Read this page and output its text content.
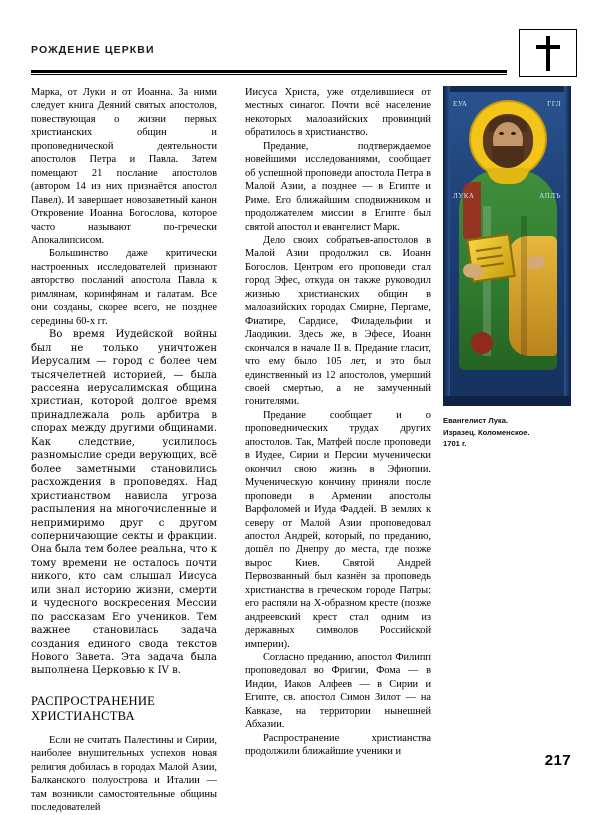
РОЖДЕНИЕ ЦЕРКВИ

Марка, от Луки и от Иоанна. За ними следует книга Деяний святых апостолов, повествующая о жизни первых христианских общин и проповеднической деятельности апостолов Петра и Павла. Затем помещают 21 послание апостолов (автором 14 из них признаётся апостол Павел). И завершает новозаветный канон Откровение Иоанна Богослова, которое часто называют по-гречески Апокалипсисом.

Большинство даже критически настроенных исследователей признают авторство посланий апостола Павла к римлянам, коринфянам и галатам. Все они созданы, скорее всего, не позднее середины 60-х гг.

Во время Иудейской войны был не только уничтожен Иерусалим — город с более чем тысячелетней историей, — была рассеяна иерусалимская община христиан, которой долгое время принадлежала роль арбитра в спорах между другими общинами. Как следствие, усилилось разномыслие среди верующих, всё более заметными становились расхождения в проповедях. Над христианством нависла угроза распыления на многочисленные и непримиримо друг с другом соперничающие секты и фракции. Она была тем более реальна, что к тому времени не осталось почти никого, кто сам слышал Иисуса или знал историю жизни, смерти и чудесного воскресения Мессии по рассказам Его учеников. Тем важнее становилась задача создания единого свода текстов Нового Завета. Эта задача была выполнена Церковью к IV в.

РАСПРОСТРАНЕНИЕ ХРИСТИАНСТВА

Если не считать Палестины и Сирии, наиболее внушительных успехов новая религия добилась в городах Малой Азии, Балканского полуострова и Италии — там возникли самостоятельные общины последователей

Иисуса Христа, уже отделившиеся от местных синагог. Почти всё население некоторых малоазийских провинций обратилось в христианство.

Предание, подтверждаемое новейшими исследованиями, сообщает об успешной проповеди апостола Петра в Малой Азии, а позднее — в Египте и Риме. Его ближайшим сподвижником и продолжателем миссии в Египте был святой апостол и евангелист Марк.

Дело своих собратьев-апостолов в Малой Азии продолжил св. Иоанн Богослов. Центром его проповеди стал город Эфес, откуда он также руководил жизнью христианских общин в малоазийских городах Смирне, Пергаме, Фиатире, Сардисе, Филадельфии и Лаодикии. Здесь же, в Эфесе, Иоанн скончался в начале II в. Предание гласит, что ему было 105 лет, и это был единственный из 12 апостолов, умерший своей смертью, а не замученный гонителями.

Предание сообщает и о проповеднических трудах других апостолов. Так, Матфей после проповеди в Иудее, Сирии и Персии мученически окончил свою жизнь в Эфиопии. Мученическую кончину приняли после проповеди в Армении апостолы Варфоломей и Иуда Фаддей. В землях к северу от Малой Азии проповедовал апостол Андрей, который, по преданию, дошёл по Днепру до места, где позже вырос Киев. Святой Андрей Первозванный был казнён за проповедь христианства в греческом городе Патры: его распяли на Х-образном кресте (позже андреевский крест стал одним из державных символов Российской империи).

Согласно преданию, апостол Филипп проповедовал во Фригии, Фома — в Индии, Иаков Алфеев — в Сирии и Египте, св. апостол Симон Зилот — на Кавказе, на территории нынешней Абхазии.

Распространение христианства продолжили ближайшие ученики и

ЕУА	ГГЛ
ЛУКА	АПЛЪ
Евангелист Лука.
Изразец. Коломенское.
1701 г.
217
